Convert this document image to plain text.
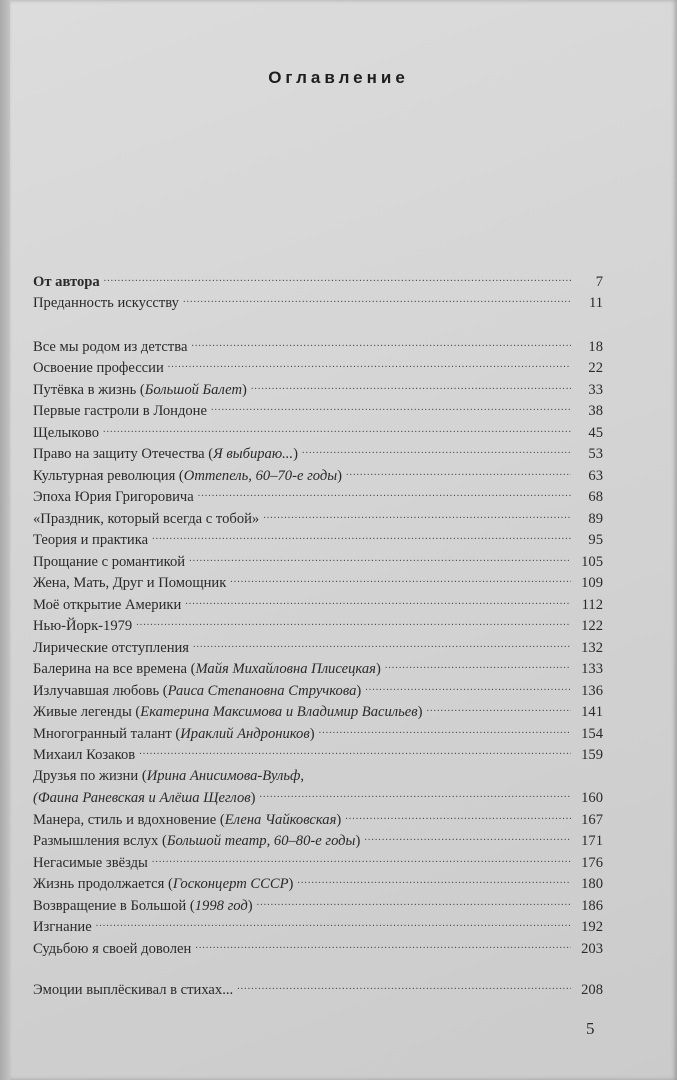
Оглавление
От автора .....	7
Преданность искусству .....	11
Все мы родом из детства .....	18
Освоение профессии .....	22
Путёвка в жизнь (Большой Балет) .....	33
Первые гастроли в Лондоне .....	38
Щелыково .....	45
Право на защиту Отечества (Я выбираю...) .....	53
Культурная революция (Оттепель, 60–70-е годы) .....	63
Эпоха Юрия Григоровича .....	68
«Праздник, который всегда с тобой» .....	89
Теория и практика .....	95
Прощание с романтикой .....	105
Жена, Мать, Друг и Помощник .....	109
Моё открытие Америки .....	112
Нью-Йорк-1979 .....	122
Лирические отступления .....	132
Балерина на все времена (Майя Михайловна Плисецкая) .....	133
Излучавшая любовь (Раиса Степановна Стручкова) .....	136
Живые легенды (Екатерина Максимова и Владимир Васильев) .....	141
Многогранный талант (Ираклий Андроников) .....	154
Михаил Козаков .....	159
Друзья по жизни (Ирина Анисимова-Вульф,
(Фаина Раневская и Алёша Щеглов) .....	160
Манера, стиль и вдохновение (Елена Чайковская) .....	167
Размышления вслух (Большой театр, 60–80-е годы) .....	171
Негасимые звёзды .....	176
Жизнь продолжается (Госконцерт СССР) .....	180
Возвращение в Большой (1998 год) .....	186
Изгнание .....	192
Судьбою я своей доволен .....	203
Эмоции выплёскивал в стихах... .....	208
5
